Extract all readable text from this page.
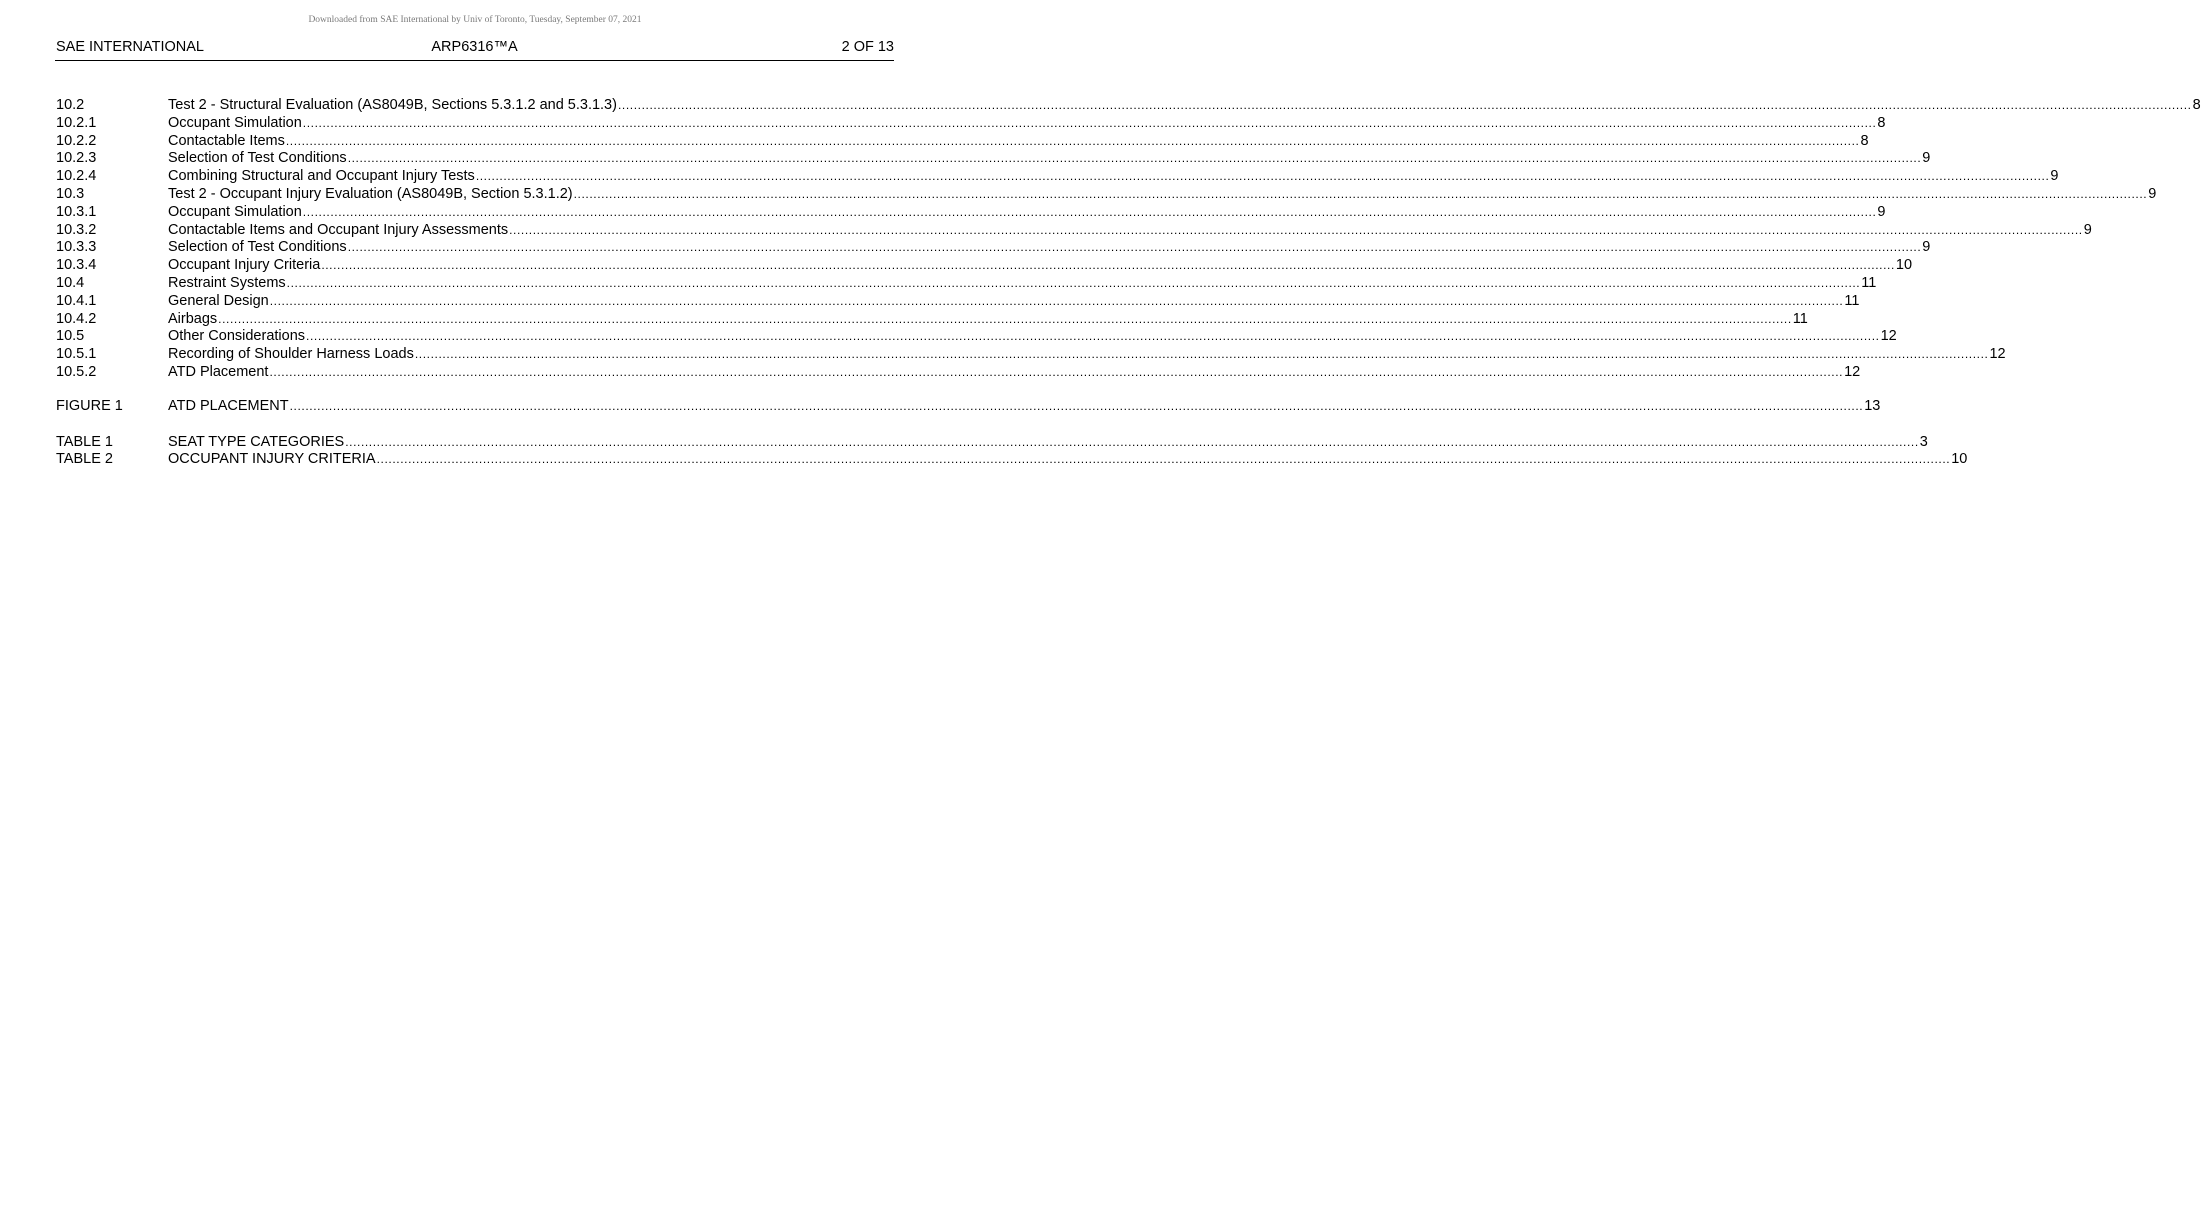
Downloaded from SAE International by Univ of Toronto, Tuesday, September 07, 2021
SAE INTERNATIONAL	ARP6316™A	2 OF 13
10.2	Test 2 - Structural Evaluation (AS8049B, Sections 5.3.1.2 and 5.3.1.3) ................................................................................................................................................................................................................................................................................................................................................................................................................ 8
10.2.1	Occupant Simulation ................................................................................................................................................................................................................................................................................................................................................................................................................ 8
10.2.2	Contactable Items ................................................................................................................................................................................................................................................................................................................................................................................................................ 8
10.2.3	Selection of Test Conditions ................................................................................................................................................................................................................................................................................................................................................................................................................ 9
10.2.4	Combining Structural and Occupant Injury Tests ................................................................................................................................................................................................................................................................................................................................................................................................................ 9
10.3	Test 2 - Occupant Injury Evaluation (AS8049B, Section 5.3.1.2) ................................................................................................................................................................................................................................................................................................................................................................................................................ 9
10.3.1	Occupant Simulation ................................................................................................................................................................................................................................................................................................................................................................................................................ 9
10.3.2	Contactable Items and Occupant Injury Assessments ................................................................................................................................................................................................................................................................................................................................................................................................................ 9
10.3.3	Selection of Test Conditions ................................................................................................................................................................................................................................................................................................................................................................................................................ 9
10.3.4	Occupant Injury Criteria ................................................................................................................................................................................................................................................................................................................................................................................................................ 10
10.4	Restraint Systems ................................................................................................................................................................................................................................................................................................................................................................................................................ 11
10.4.1	General Design ................................................................................................................................................................................................................................................................................................................................................................................................................ 11
10.4.2	Airbags ................................................................................................................................................................................................................................................................................................................................................................................................................ 11
10.5	Other Considerations ................................................................................................................................................................................................................................................................................................................................................................................................................ 12
10.5.1	Recording of Shoulder Harness Loads ................................................................................................................................................................................................................................................................................................................................................................................................................ 12
10.5.2	ATD Placement ................................................................................................................................................................................................................................................................................................................................................................................................................ 12
FIGURE 1	ATD PLACEMENT ................................................................................................................................................................................................................................................................................................................................................................................................................ 13
TABLE 1	SEAT TYPE CATEGORIES ................................................................................................................................................................................................................................................................................................................................................................................................................ 3
TABLE 2	OCCUPANT INJURY CRITERIA ................................................................................................................................................................................................................................................................................................................................................................................................................ 10
